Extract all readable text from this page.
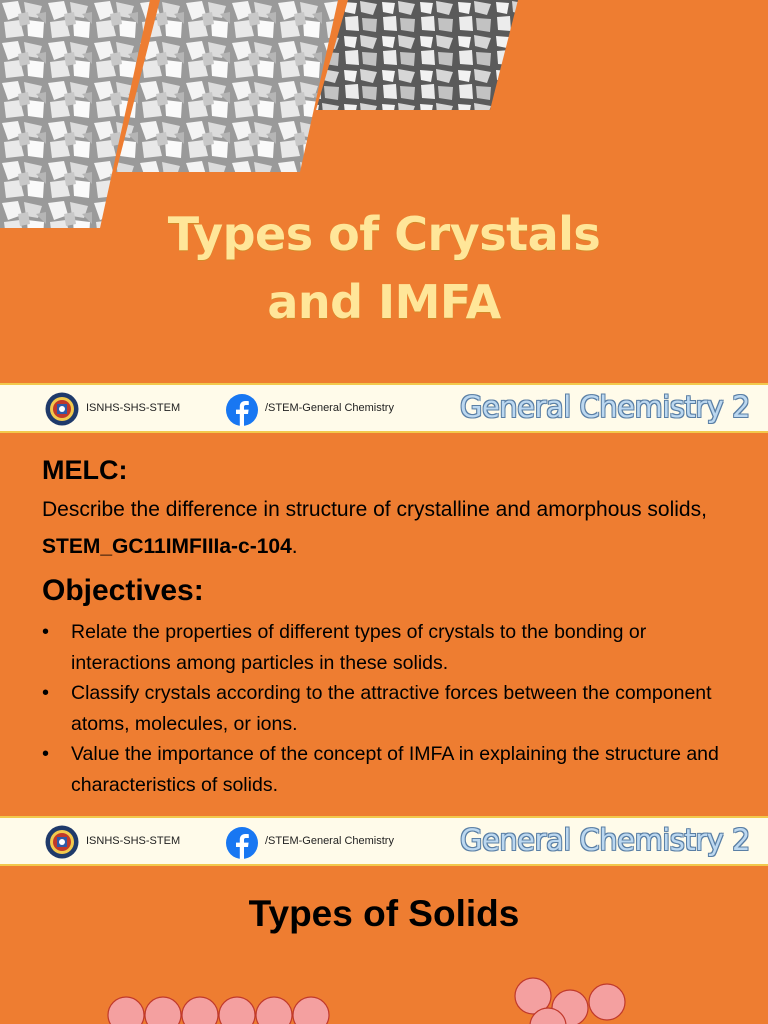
Types of Crystals
and IMFA
ISNHS-SHS-STEM	/STEM-General Chemistry General Chemistry 2
MELC:
Describe the difference in structure of crystalline and amorphous solids, STEM_GC11IMFIIIa-c-104.
Objectives:
• Relate the properties of different types of crystals to the bonding or interactions among particles in these solids.
• Classify crystals according to the attractive forces between the component atoms, molecules, or ions.
• Value the importance of the concept of IMFA in explaining the structure and characteristics of solids.
ISNHS-SHS-STEM	/STEM-General Chemistry General Chemistry 2
Types of Solids
